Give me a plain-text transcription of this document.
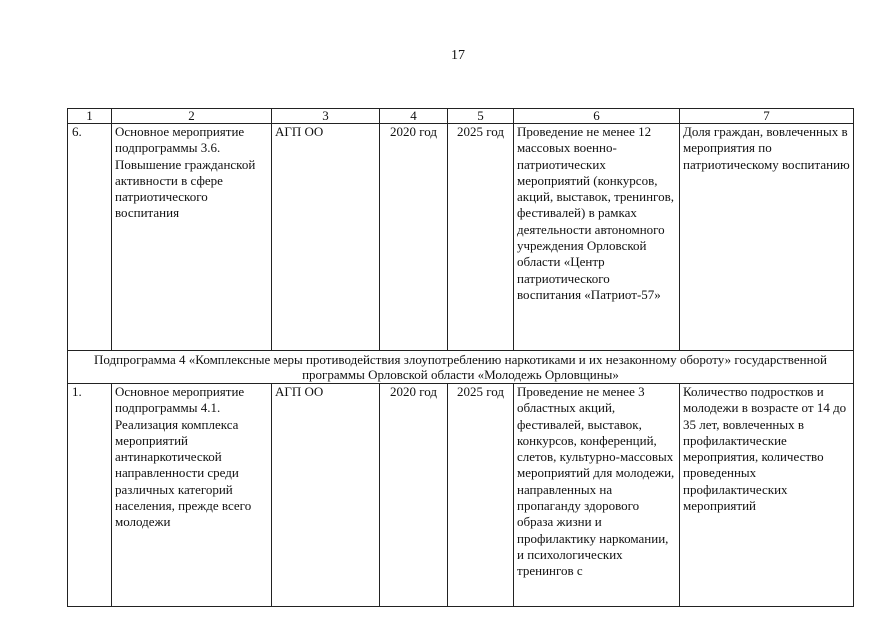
17
1	2	3	4	5	6	7
6.	Основное мероприятие подпрограммы 3.6. Повышение гражданской активности в сфере патриотического воспитания	АГП ОО	2020 год	2025 год	Проведение не менее 12 массовых военно-патриотических мероприятий (конкурсов, акций, выставок, тренингов, фестивалей) в рамках деятельности автономного учреждения Орловской области «Центр патриотического воспитания «Патриот-57»	Доля граждан, вовлеченных в мероприятия по патриотическому воспитанию
Подпрограмма 4 «Комплексные меры противодействия злоупотреблению наркотиками и их незаконному обороту» государственной программы Орловской области «Молодежь Орловщины»						
1.	Основное мероприятие подпрограммы 4.1. Реализация комплекса мероприятий антинаркотической направленности среди различных категорий населения, прежде всего молодежи	АГП ОО	2020 год	2025 год	Проведение не менее 3 областных акций, фестивалей, выставок, конкурсов, конференций, слетов, культурно-массовых мероприятий для молодежи, направленных на пропаганду здорового образа жизни и профилактику наркомании, и психологических тренингов с	Количество подростков и молодежи в возрасте от 14 до 35 лет, вовлеченных в профилактические мероприятия, количество проведенных профилактических мероприятий
